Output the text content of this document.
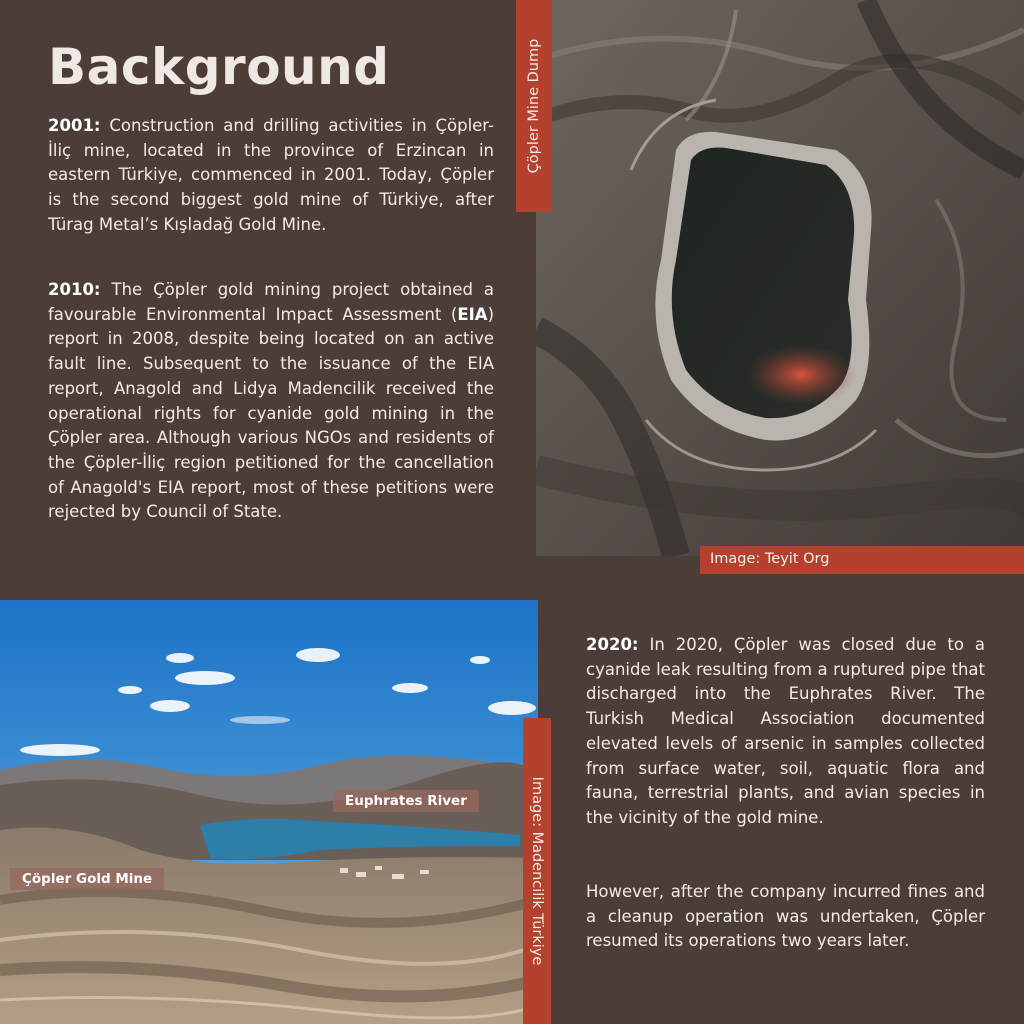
Background
2001: Construction and drilling activities in Çöpler-İliç mine, located in the province of Erzincan in eastern Türkiye, commenced in 2001. Today, Çöpler is the second biggest gold mine of Türkiye, after Türag Metal’s Kışladağ Gold Mine.
2010: The Çöpler gold mining project obtained a favourable Environmental Impact Assessment (EIA) report in 2008, despite being located on an active fault line. Subsequent to the issuance of the EIA report, Anagold and Lidya Madencilik received the operational rights for cyanide gold mining in the Çöpler area. Although various NGOs and residents of the Çöpler-İliç region petitioned for the cancellation of Anagold's EIA report, most of these petitions were rejected by Council of State.
Çöpler Mine Dump
Image: Teyit Org
Euphrates River
Çöpler Gold Mine	Image: Madencilik Türkiye
2020: In 2020, Çöpler was closed due to a cyanide leak resulting from a ruptured pipe that discharged into the Euphrates River. The Turkish Medical Association documented elevated levels of arsenic in samples collected from surface water, soil, aquatic flora and fauna, terrestrial plants, and avian species in the vicinity of the gold mine.
However, after the company incurred fines and a cleanup operation was undertaken, Çöpler resumed its operations two years later.
